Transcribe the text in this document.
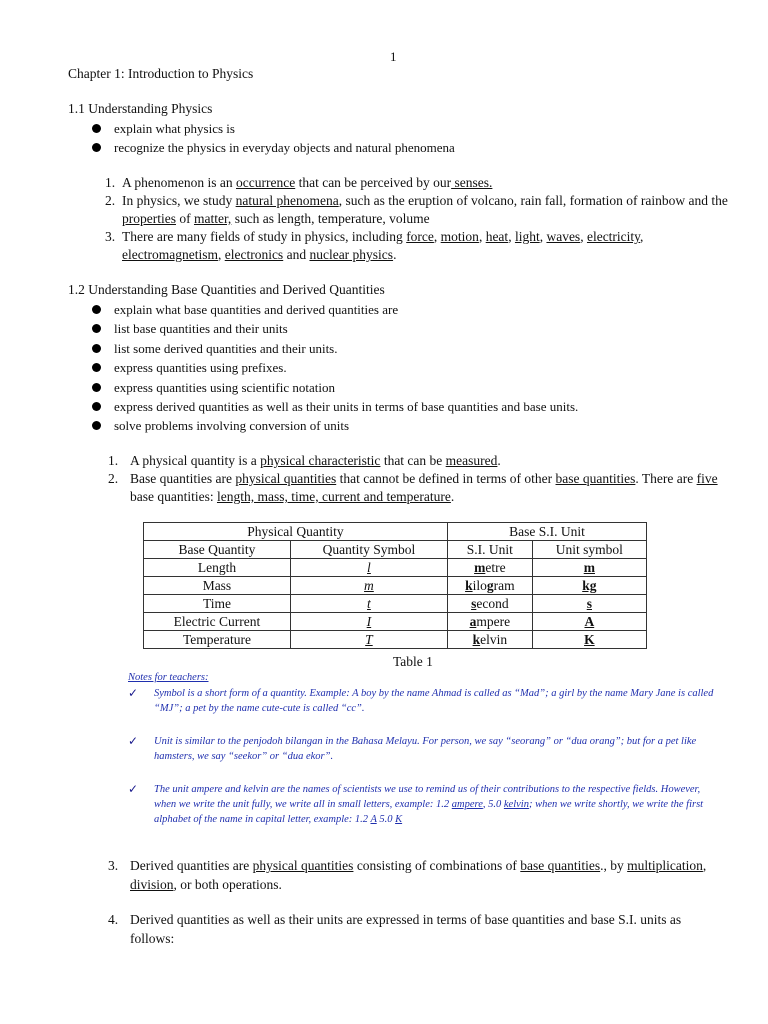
1
Chapter 1: Introduction to Physics
1.1 Understanding Physics
explain what physics is
recognize the physics in everyday objects and natural phenomena
1. A phenomenon is an occurrence that can be perceived by our senses.
2. In physics, we study natural phenomena, such as the eruption of volcano, rain fall, formation of rainbow and the properties of matter, such as length, temperature, volume
3. There are many fields of study in physics, including force, motion, heat, light, waves, electricity, electromagnetism, electronics and nuclear physics.
1.2 Understanding Base Quantities and Derived Quantities
explain what base quantities and derived quantities are
list base quantities and their units
list some derived quantities and their units.
express quantities using prefixes.
express quantities using scientific notation
express derived quantities as well as their units in terms of base quantities and base units.
solve problems involving conversion of units
1. A physical quantity is a physical characteristic that can be measured.
2. Base quantities are physical quantities that cannot be defined in terms of other base quantities. There are five base quantities: length, mass, time, current and temperature.
Physical Quantity		Base S.I. Unit	
Base Quantity	Quantity Symbol	S.I. Unit	Unit symbol
Length	l	metre	m
Mass	m	kilogram	kg
Time	t	second	s
Electric Current	I	ampere	A
Temperature	T	kelvin	K
Table 1
Notes for teachers:
✓ Symbol is a short form of a quantity. Example: A boy by the name Ahmad is called as “Mad”; a girl by the name Mary Jane is called “MJ”; a pet by the name cute-cute is called “cc”.
✓ Unit is similar to the penjodoh bilangan in the Bahasa Melayu. For person, we say “seorang” or “dua orang”; but for a pet like hamsters, we say “seekor” or “dua ekor”.
✓ The unit ampere and kelvin are the names of scientists we use to remind us of their contributions to the respective fields. However, when we write the unit fully, we write all in small letters, example: 1.2 ampere, 5.0 kelvin; when we write shortly, we write the first alphabet of the name in capital letter, example: 1.2 A 5.0 K
3. Derived quantities are physical quantities consisting of combinations of base quantities., by multiplication, division, or both operations.
4. Derived quantities as well as their units are expressed in terms of base quantities and base S.I. units as follows:
